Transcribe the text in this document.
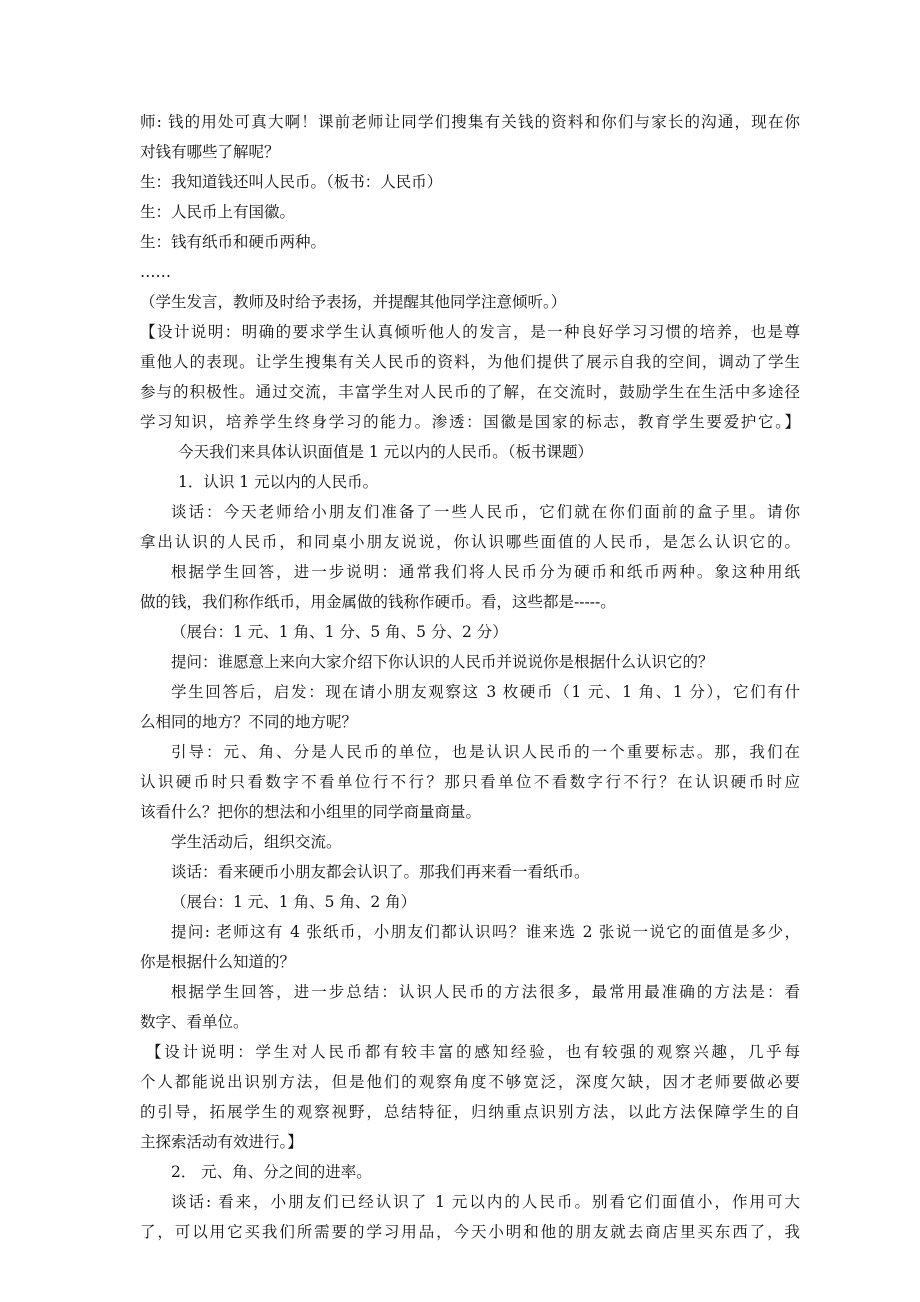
师: 钱的用处可真大啊！课前老师让同学们搜集有关钱的资料和你们与家长的沟通，现在你
对钱有哪些了解呢？
生：我知道钱还叫人民币。（板书：人民币）
生：人民币上有国徽。
生：钱有纸币和硬币两种。
……
（学生发言，教师及时给予表扬，并提醒其他同学注意倾听。）
【设计说明：明确的要求学生认真倾听他人的发言，是一种良好学习习惯的培养，也是尊
重他人的表现。让学生搜集有关人民币的资料，为他们提供了展示自我的空间，调动了学生
参与的积极性。通过交流，丰富学生对人民币的了解，在交流时，鼓励学生在生活中多途径
学习知识，培养学生终身学习的能力。渗透：国徽是国家的标志，教育学生要爱护它。】
今天我们来具体认识面值是 1 元以内的人民币。（板书课题）
1．认识 1 元以内的人民币。
谈话：今天老师给小朋友们准备了一些人民币，它们就在你们面前的盒子里。请你
拿出认识的人民币，和同桌小朋友说说，你认识哪些面值的人民币，是怎么认识它的。
根据学生回答，进一步说明：通常我们将人民币分为硬币和纸币两种。象这种用纸
做的钱，我们称作纸币，用金属做的钱称作硬币。看，这些都是-----。
（展台：1 元、1 角、1 分、5 角、5 分、2 分）
提问：谁愿意上来向大家介绍下你认识的人民币并说说你是根据什么认识它的？
学生回答后，启发：现在请小朋友观察这 3 枚硬币（1 元、1 角、1 分），它们有什
么相同的地方？不同的地方呢？
引导：元、角、分是人民币的单位，也是认识人民币的一个重要标志。那，我们在
认识硬币时只看数字不看单位行不行？那只看单位不看数字行不行？在认识硬币时应
该看什么？把你的想法和小组里的同学商量商量。
学生活动后，组织交流。
谈话：看来硬币小朋友都会认识了。那我们再来看一看纸币。
（展台：1 元、1 角、5 角、2 角）
提问: 老师这有 4 张纸币，小朋友们都认识吗？谁来选 2 张说一说它的面值是多少，
你是根据什么知道的？
根据学生回答，进一步总结：认识人民币的方法很多，最常用最准确的方法是：看
数字、看单位。
【设计说明：学生对人民币都有较丰富的感知经验，也有较强的观察兴趣，几乎每
个人都能说出识别方法，但是他们的观察角度不够宽泛，深度欠缺，因才老师要做必要
的引导，拓展学生的观察视野，总结特征，归纳重点识别方法，以此方法保障学生的自
主探索活动有效进行。】
2． 元、角、分之间的进率。
谈话: 看来，小朋友们已经认识了 1 元以内的人民币。别看它们面值小，作用可大
了，可以用它买我们所需要的学习用品，今天小明和他的朋友就去商店里买东西了，我
